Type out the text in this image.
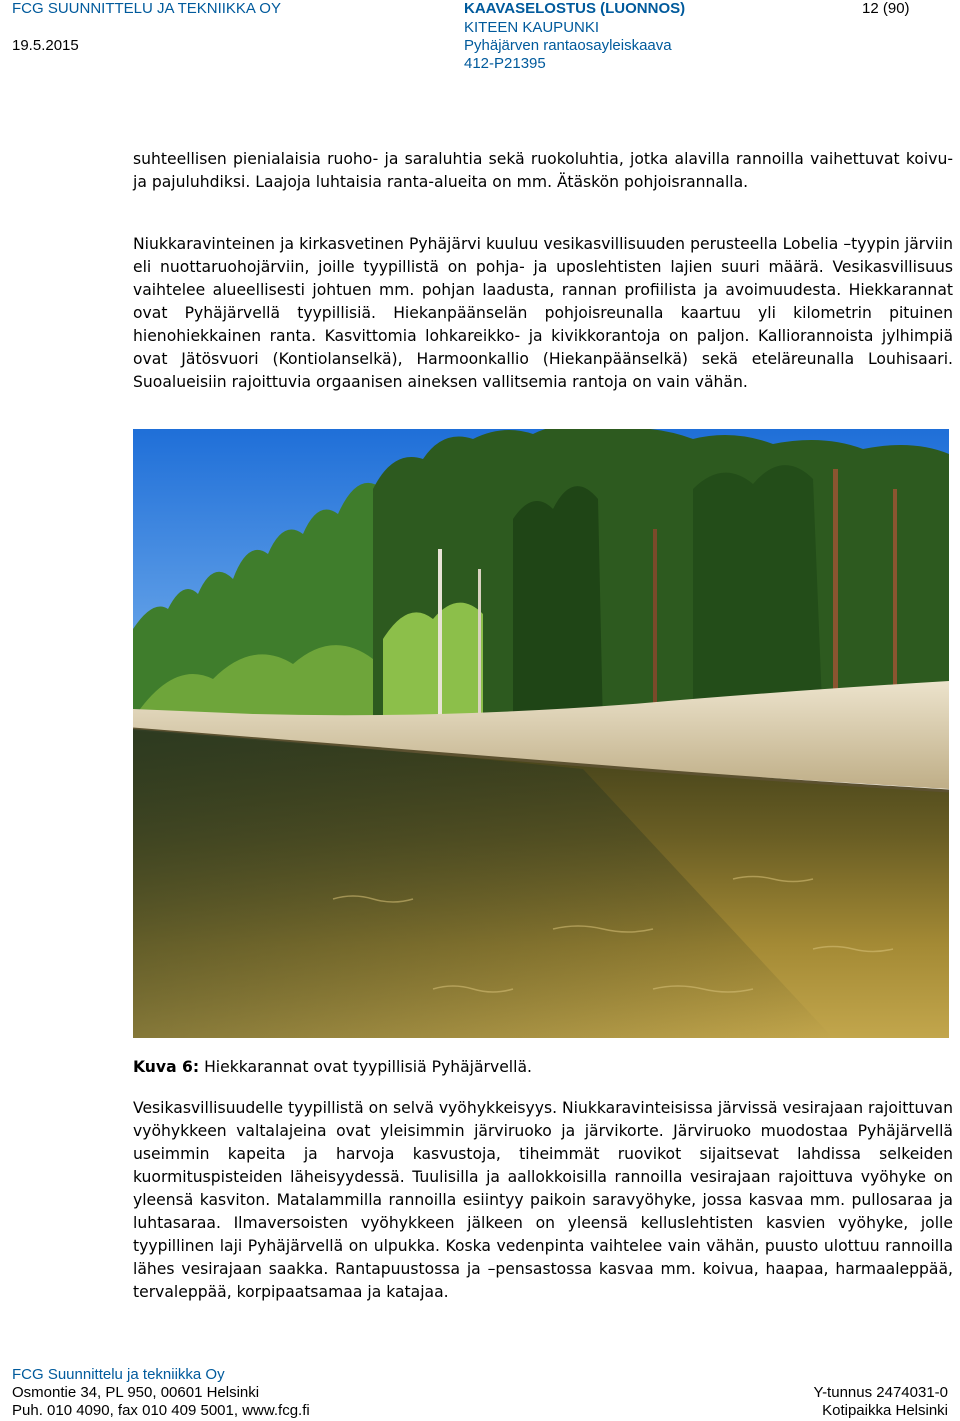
FCG SUUNNITTELU JA TEKNIIKKA OY
19.5.2015
KAAVASELOSTUS (LUONNOS)
KITEEN KAUPUNKI
Pyhäjärven rantaosayleiskaava
412-P21395
12 (90)
suhteellisen pienialaisia ruoho- ja saraluhtia sekä ruokoluhtia, jotka alavilla rannoilla vaihettuvat koivu- ja pajuluhdiksi. Laajoja luhtaisia ranta-alueita on mm. Ätäskön pohjoisrannalla.
Niukkaravinteinen ja kirkasvetinen Pyhäjärvi kuuluu vesikasvillisuuden perusteella Lobelia –tyypin järviin eli nuottaruohojärviin, joille tyypillistä on pohja- ja uposlehtisten lajien suuri määrä. Vesikasvillisuus vaihtelee alueellisesti johtuen mm. pohjan laadusta, rannan profiilista ja avoimuudesta. Hiekkarannat ovat Pyhäjärvellä tyypillisiä. Hiekanpäänselän pohjoisreunalla kaartuu yli kilometrin pituinen hienohiekkainen ranta. Kasvittomia lohkareikko- ja kivikkorantoja on paljon. Kalliorannoista jylhimpiä ovat Jätösvuori (Kontiolanselkä), Harmoonkallio (Hiekanpäänselkä) sekä eteläreunalla Louhisaari. Suoalueisiin rajoittuvia orgaanisen aineksen vallitsemia rantoja on vain vähän.
Kuva 6: Hiekkarannat ovat tyypillisiä Pyhäjärvellä.
Vesikasvillisuudelle tyypillistä on selvä vyöhykkeisyys. Niukkaravinteisissa järvissä vesirajaan rajoittuvan vyöhykkeen valtalajeina ovat yleisimmin järviruoko ja järvikorte. Järviruoko muodostaa Pyhäjärvellä useimmin kapeita ja harvoja kasvustoja, tiheimmät ruovikot sijaitsevat lahdissa selkeiden kuormituspisteiden läheisyydessä. Tuulisilla ja aallokkoisilla rannoilla vesirajaan rajoittuva vyöhyke on yleensä kasviton. Matalammilla rannoilla esiintyy paikoin saravyöhyke, jossa kasvaa mm. pullosaraa ja luhtasaraa. Ilmaversoisten vyöhykkeen jälkeen on yleensä kelluslehtisten kasvien vyöhyke, jolle tyypillinen laji Pyhäjärvellä on ulpukka. Koska vedenpinta vaihtelee vain vähän, puusto ulottuu rannoilla lähes vesirajaan saakka. Rantapuustossa ja –pensastossa kasvaa mm. koivua, haapaa, harmaaleppää, tervaleppää, korpipaatsamaa ja katajaa.
FCG Suunnittelu ja tekniikka Oy
Osmontie 34, PL 950, 00601 Helsinki
Puh. 010 4090, fax 010 409 5001, www.fcg.fi
Y-tunnus 2474031-0
Kotipaikka Helsinki
